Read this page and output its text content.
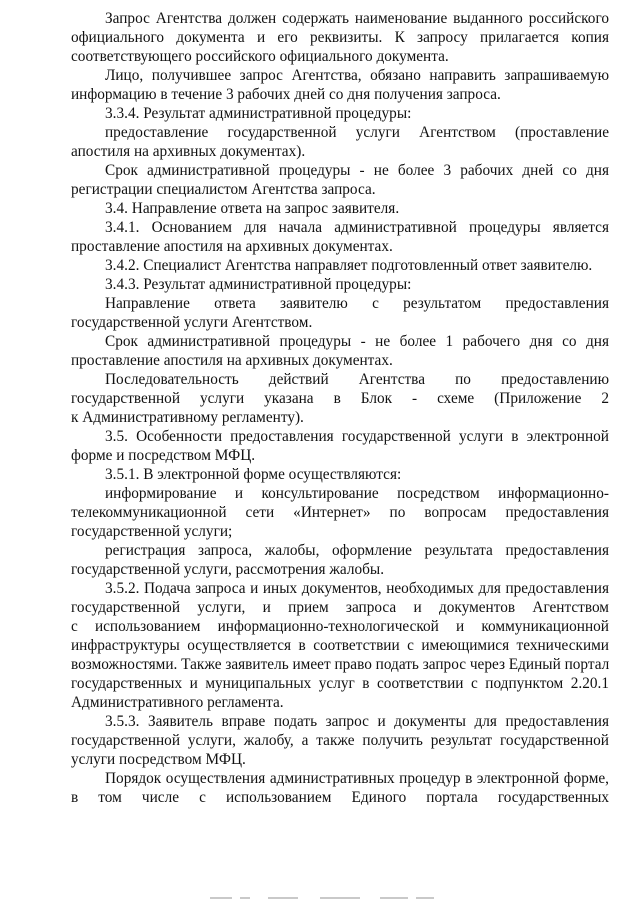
Запрос Агентства должен содержать наименование выданного российского
официального документа и его реквизиты. К запросу прилагается копия
соответствующего российского официального документа.
Лицо, получившее запрос Агентства, обязано направить запрашиваемую
информацию в течение 3 рабочих дней со дня получения запроса.
3.3.4. Результат административной процедуры:
предоставление государственной услуги Агентством (проставление
апостиля на архивных документах).
Срок административной процедуры - не более 3 рабочих дней со дня
регистрации специалистом Агентства запроса.
3.4. Направление ответа на запрос заявителя.
3.4.1. Основанием для начала административной процедуры является
проставление апостиля на архивных документах.
3.4.2. Специалист Агентства направляет подготовленный ответ заявителю.
3.4.3. Результат административной процедуры:
Направление ответа заявителю с результатом предоставления
государственной услуги Агентством.
Срок административной процедуры - не более 1 рабочего дня со дня
проставление апостиля на архивных документах.
Последовательность действий Агентства по предоставлению
государственной услуги указана в Блок - схеме (Приложение 2
к Административному регламенту).
3.5. Особенности предоставления государственной услуги в электронной
форме и посредством МФЦ.
3.5.1. В электронной форме осуществляются:
информирование и консультирование посредством информационно-
телекоммуникационной сети «Интернет» по вопросам предоставления
государственной услуги;
регистрация запроса, жалобы, оформление результата предоставления
государственной услуги, рассмотрения жалобы.
3.5.2. Подача запроса и иных документов, необходимых для предоставления
государственной услуги, и прием запроса и документов Агентством
с использованием информационно-технологической и коммуникационной
инфраструктуры осуществляется в соответствии с имеющимися техническими
возможностями. Также заявитель имеет право подать запрос через Единый портал
государственных и муниципальных услуг в соответствии с подпунктом 2.20.1
Административного регламента.
3.5.3. Заявитель вправе подать запрос и документы для предоставления
государственной услуги, жалобу, а также получить результат государственной
услуги посредством МФЦ.
Порядок осуществления административных процедур в электронной форме,
в том числе с использованием Единого портала государственных
